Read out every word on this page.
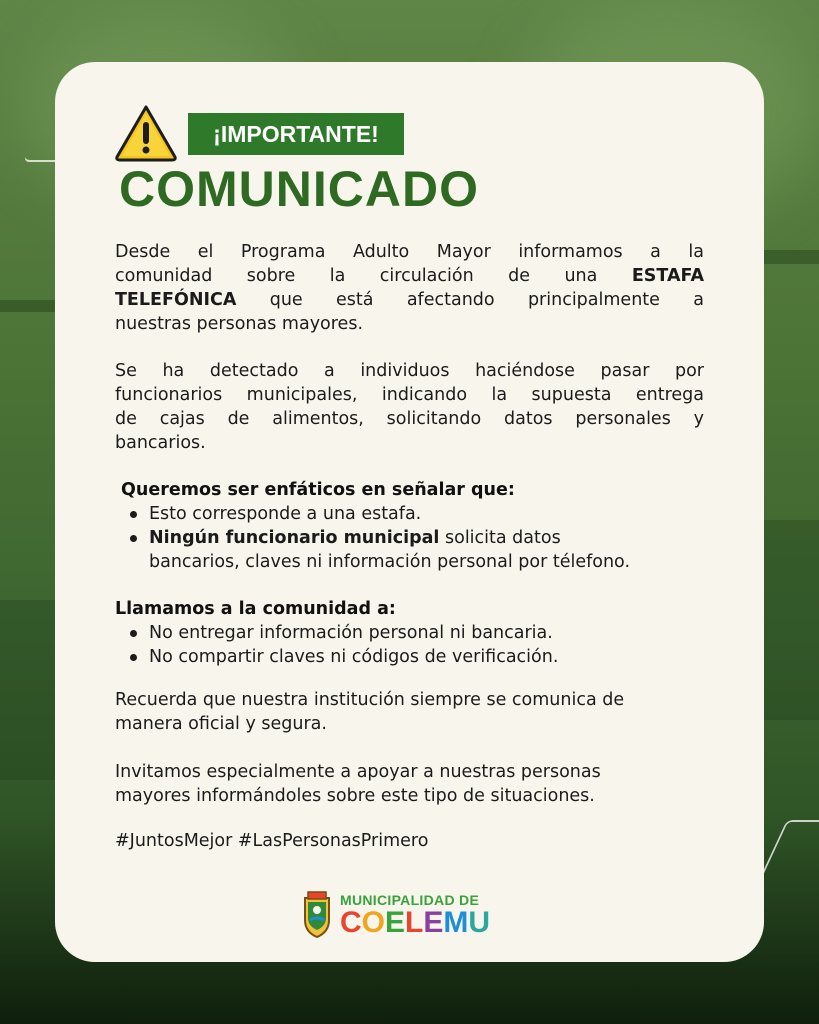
¡IMPORTANTE!
COMUNICADO
Desde el Programa Adulto Mayor informamos a la
comunidad sobre la circulación de una ESTAFA
TELEFÓNICA que está afectando principalmente a
nuestras personas mayores.
Se ha detectado a individuos haciéndose pasar por
funcionarios municipales, indicando la supuesta entrega
de cajas de alimentos, solicitando datos personales y
bancarios.
Queremos ser enfáticos en señalar que:
Esto corresponde a una estafa.
Ningún funcionario municipal solicita datos
bancarios, claves ni información personal por télefono.
Llamamos a la comunidad a:
No entregar información personal ni bancaria.
No compartir claves ni códigos de verificación.
Recuerda que nuestra institución siempre se comunica de
manera oficial y segura.
Invitamos especialmente a apoyar a nuestras personas
mayores informándoles sobre este tipo de situaciones.
#JuntosMejor #LasPersonasPrimero
MUNICIPALIDAD DE
COELEMU
